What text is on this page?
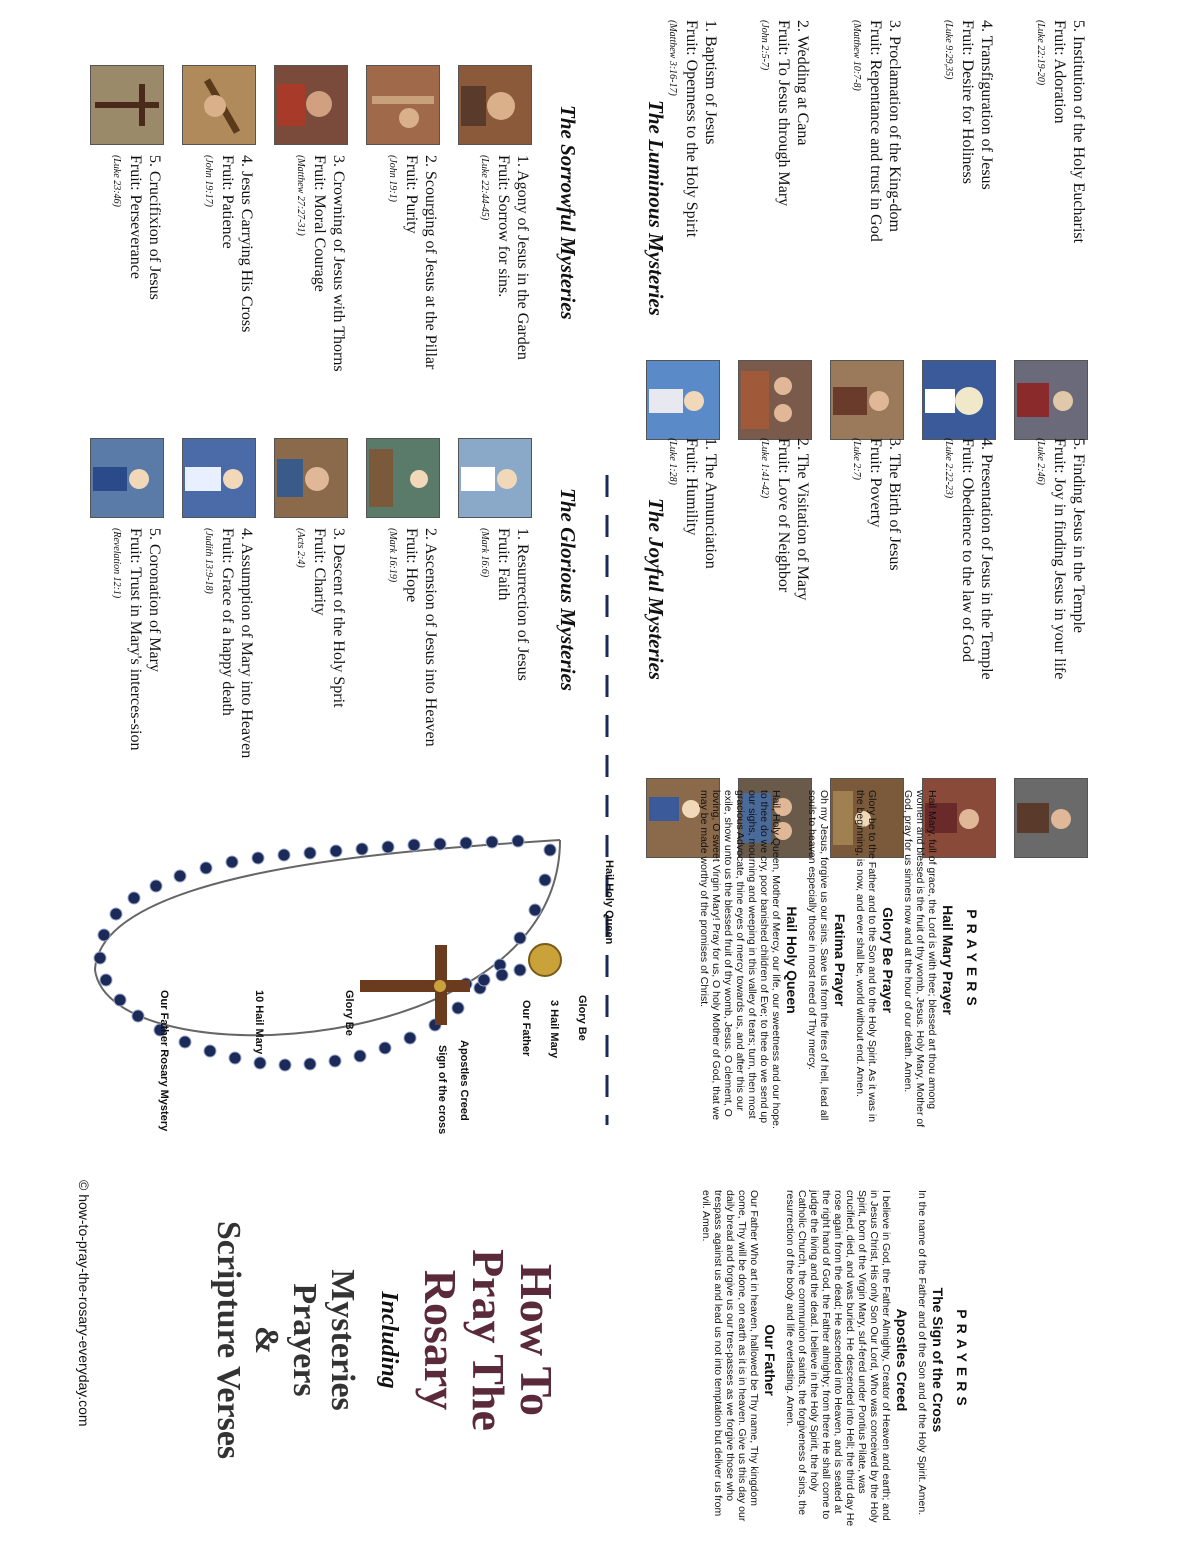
The Sorrowful Mysteries
1. Agony of Jesus in the Garden
Fruit: Sorrow for sins.
(Luke 22:44-45)
2. Scourging of Jesus at the Pillar
Fruit: Purity
(John 19:1)
3. Crowning of Jesus with Thorns
Fruit: Moral Courage
(Matthew 27:27-31)
4. Jesus Carrying His Cross
Fruit: Patience
(John 19:17)
5. Crucifixion of Jesus
Fruit: Perseverance
(Luke 23:46)	The Luminous Mysteries
1. Baptism of Jesus
Fruit: Openness to the Holy Spirit
(Matthew 3:16-17)	2. Wedding at Cana
Fruit: To Jesus through Mary
(John 2:5-7)	3. Proclamation of the King-dom
Fruit: Repentance and trust in God
(Matthew 10:7-8)	4. Transfiguration of Jesus
Fruit: Desire for Holiness
(Luke 9:29,35)	5. Institution of the Holy Eucharist
Fruit: Adoration
(Luke 22:19-20)
The Glorious Mysteries
1. Resurrection of Jesus
Fruit: Faith
(Mark 16:6)
2. Ascension of Jesus into Heaven
Fruit: Hope
(Mark 16:19)
3. Descent of the Holy Sprit
Fruit: Charity
(Acts 2:4)
4. Assumption of Mary into Heaven
Fruit: Grace of a happy death
(Judith 13:9-18)
5. Coronation of Mary
Fruit: Trust in Mary's interces-sion
(Revelation 12:1)	The Joyful Mysteries 1. The Annunciation
Fruit: Humility
(Luke 1:28)	2. The Visitation of Mary
Fruit: Love of Neighbor
(Luke 1:41-42)	3. The Birth of Jesus
Fruit: Poverty
(Luke 2:7)	4. Presentation of Jesus in the Temple
Fruit: Obedience to the law of God
(Luke 2:22-23)	5. Finding Jesus in the Temple
Fruit: Joy in finding Jesus in your life
(Luke 2:46)
Glory Be
3 Hail Mary
Our Father
Apostles Creed
Sign of the cross
Glory Be
10 Hail Mary
Our Father Rosary Mystery
Hail Holy Queen
PRAYERS
Hail Mary Prayer
Hail Mary, full of grace, the Lord is with thee; blessed art thou among women and blessed is the fruit of thy womb, Jesus. Holy Mary, Mother of God, pray for us sinners now and at the hour of our death. Amen.
Glory Be Prayer
Glory be to the Father and to the Son and to the Holy Spirit. As it was in the beginning, is now, and ever shall be, world without end. Amen.
Fatima Prayer
Oh my Jesus, forgive us our sins. Save us from the fires of hell, lead all souls to heaven especially those in most need of Thy mercy.
Hail Holy Queen
Hail, Holy Queen, Mother of Mercy, our life, our sweetness and our hope. to thee do we cry, poor banished children of Eve; to thee do we send up our sighs, mourning and weeping in this valley of tears; turn, then most gracious Advocate, thine eyes of mercy towards us, and after this our exile, show unto us the blessed fruit of thy womb, Jesus. O clement, O loving, O sweet Virgin Mary! Pray for us, O holy Mother of God, that we may be made worthy of the promises of Christ.
PRAYERS
The Sign of the Cross
In the name of the Father and of the Son and of the Holy Spirit. Amen.
Apostles Creed
I believe in God, the Father Almighty, Creator of Heaven and earth; and in Jesus Christ, His only Son Our Lord, Who was conceived by the Holy Spirit, born of the Virgin Mary, suf-fered under Pontius Pilate, was crucified, died, and was buried. He descended into Hell; the third day He rose again from the dead; He ascended into Heaven, and is seated at the right hand of God, the Father almighty; from there He shall come to judge the living and the dead. I believe in the Holy Spirit, the holy Catholic Church, the communion of saints, the forgiveness of sins, the resurrection of the body and life everlasting. Amen.
Our Father
Our Father Who art in heaven, hallowed be Thy name, Thy kingdom come, Thy will be done, on earth as it is in heaven. Give us this day our daily bread and forgive us our tres-passes as we forgive those who trespass against us and lead us not into temptation but deliver us from evil. Amen.
How To
Pray The
Rosary
Including
Mysteries
Prayers
&
Scripture Verses
© how-to-pray-the-rosary-everyday.com
